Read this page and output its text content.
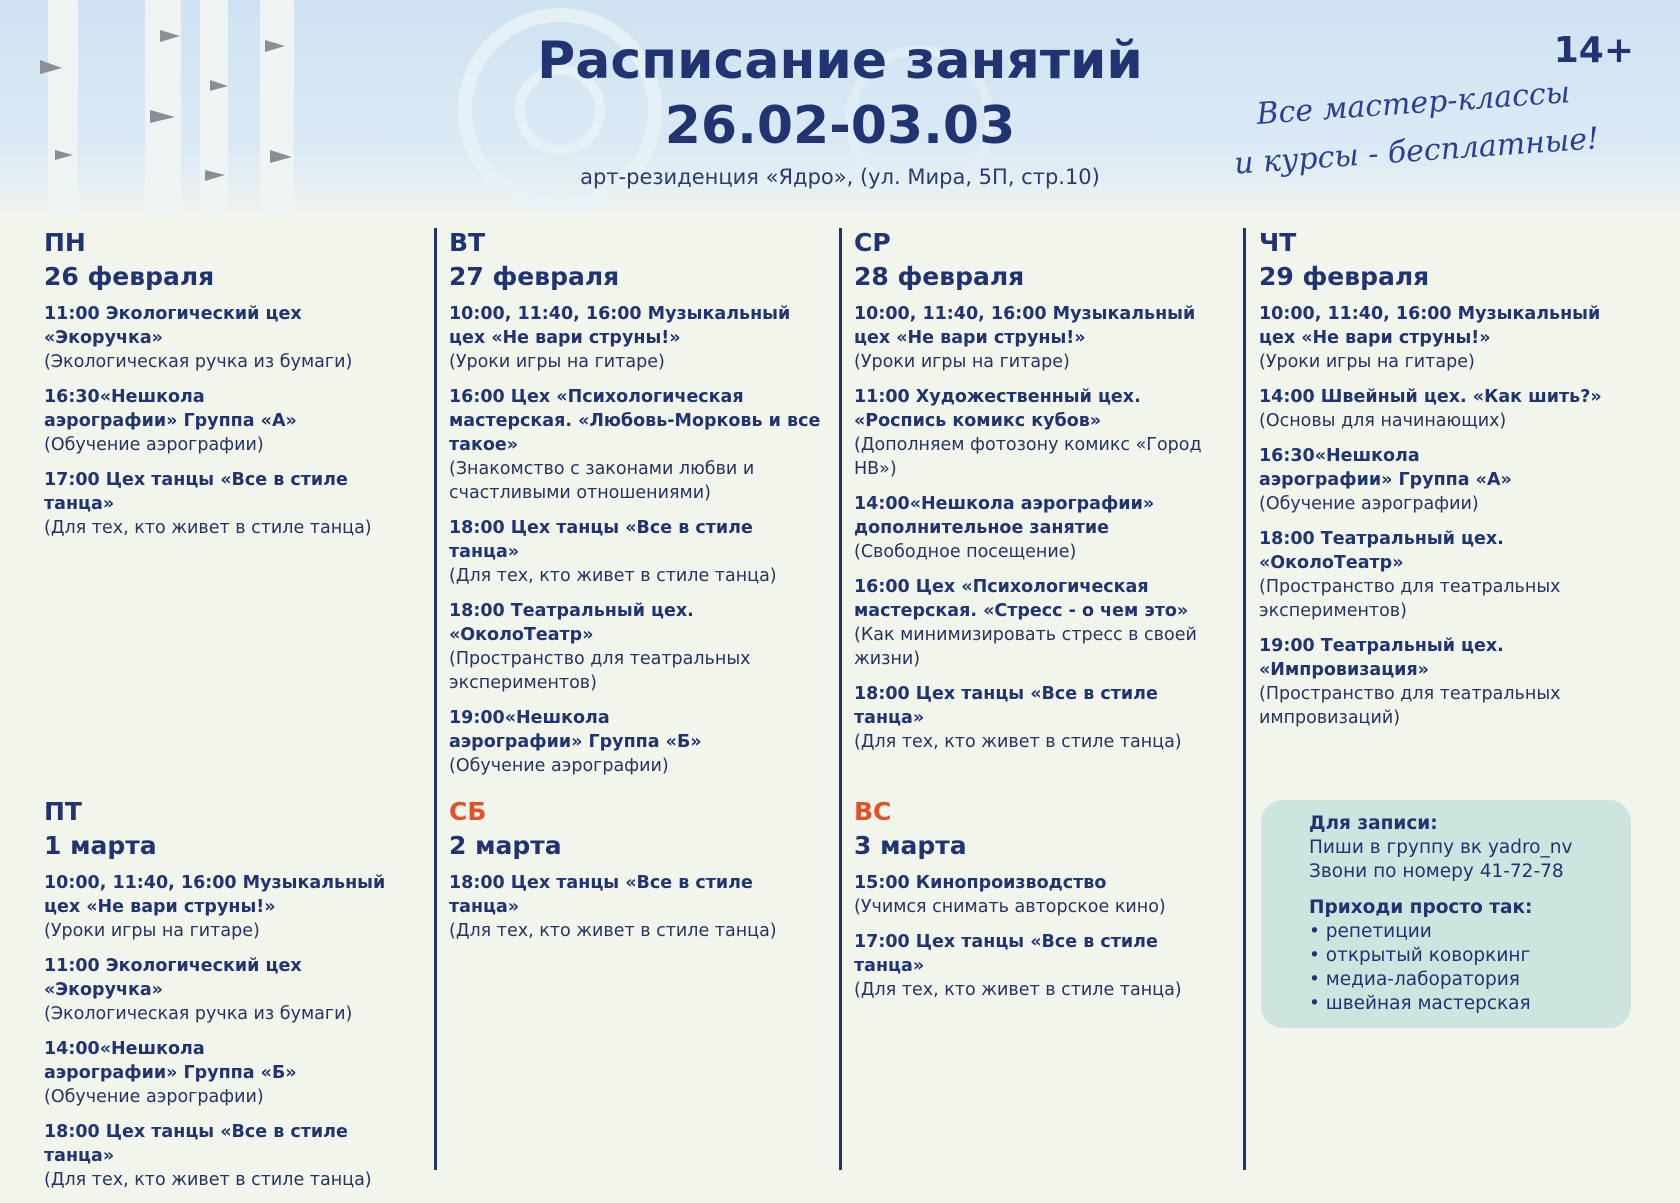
Расписание занятий
26.02-03.03
арт-резиденция «Ядро», (ул. Мира, 5П, стр.10)
14+
Все мастер-классы
и курсы - бесплатные!
ПН
26 февраля
11:00 Экологический цех «Экоручка»
(Экологическая ручка из бумаги)
16:30«Нешкола аэрографии» Группа «А»
(Обучение аэрографии)
17:00 Цех танцы «Все в стиле танца»
(Для тех, кто живет в стиле танца)
ВТ
27 февраля
10:00, 11:40, 16:00 Музыкальный цех «Не вари струны!»
(Уроки игры на гитаре)
16:00 Цех «Психологическая мастерская. «Любовь-Морковь и все такое»
(Знакомство с законами любви и счастливыми отношениями)
18:00 Цех танцы «Все в стиле танца»
(Для тех, кто живет в стиле танца)
18:00 Театральный цех. «ОколоТеатр»
(Пространство для театральных экспериментов)
19:00«Нешкола аэрографии» Группа «Б»
(Обучение аэрографии)
СР
28 февраля
10:00, 11:40, 16:00 Музыкальный цех «Не вари струны!»
(Уроки игры на гитаре)
11:00 Художественный цех. «Роспись комикс кубов»
(Дополняем фотозону комикс «Город НВ»)
14:00«Нешкола аэрографии» дополнительное занятие
(Свободное посещение)
16:00 Цех «Психологическая мастерская. «Стресс - о чем это»
(Как минимизировать стресс в своей жизни)
18:00 Цех танцы «Все в стиле танца»
(Для тех, кто живет в стиле танца)
ЧТ
29 февраля
10:00, 11:40, 16:00 Музыкальный цех «Не вари струны!»
(Уроки игры на гитаре)
14:00 Швейный цех. «Как шить?»
(Основы для начинающих)
16:30«Нешкола аэрографии» Группа «А»
(Обучение аэрографии)
18:00 Театральный цех. «ОколоТеатр»
(Пространство для театральных экспериментов)
19:00 Театральный цех. «Импровизация»
(Пространство для театральных импровизаций)
ПТ
1 марта
10:00, 11:40, 16:00 Музыкальный цех «Не вари струны!»
(Уроки игры на гитаре)
11:00 Экологический цех «Экоручка»
(Экологическая ручка из бумаги)
14:00«Нешкола аэрографии» Группа «Б»
(Обучение аэрографии)
18:00 Цех танцы «Все в стиле танца»
(Для тех, кто живет в стиле танца)
СБ
2 марта
18:00 Цех танцы «Все в стиле танца»
(Для тех, кто живет в стиле танца)
ВС
3 марта
15:00 Кинопроизводство
(Учимся снимать авторское кино)
17:00 Цех танцы «Все в стиле танца»
(Для тех, кто живет в стиле танца)
Для записи:
Пиши в группу вк yadro_nv
Звони по номеру 41-72-78
Приходи просто так:
• репетиции
• открытый коворкинг
• медиа-лаборатория
• швейная мастерская
